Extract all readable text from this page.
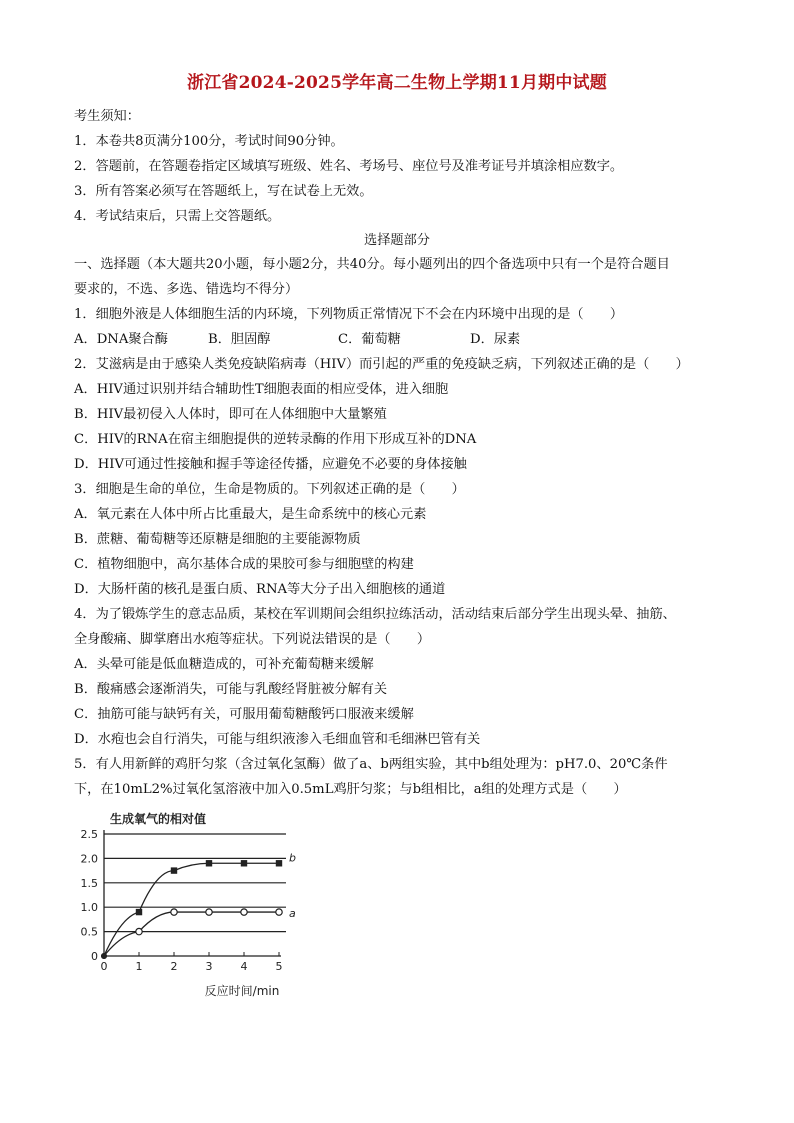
浙江省2024-2025学年高二生物上学期11月期中试题
考生须知：
1．本卷共8页满分100分，考试时间90分钟。
2．答题前，在答题卷指定区域填写班级、姓名、考场号、座位号及准考证号并填涂相应数字。
3．所有答案必须写在答题纸上，写在试卷上无效。
4．考试结束后，只需上交答题纸。
选择题部分
一、选择题（本大题共20小题，每小题2分，共40分。每小题列出的四个备选项中只有一个是符合题目
要求的，不选、多选、错选均不得分）
1．细胞外液是人体细胞生活的内环境，下列物质正常情况下不会在内环境中出现的是（　　）
A．DNA聚合酶	B．胆固醇	C．葡萄糖	D．尿素
2．艾滋病是由于感染人类免疫缺陷病毒（HIV）而引起的严重的免疫缺乏病，下列叙述正确的是（　　）
A．HIV通过识别并结合辅助性T细胞表面的相应受体，进入细胞
B．HIV最初侵入人体时，即可在人体细胞中大量繁殖
C．HIV的RNA在宿主细胞提供的逆转录酶的作用下形成互补的DNA
D．HIV可通过性接触和握手等途径传播，应避免不必要的身体接触
3．细胞是生命的单位，生命是物质的。下列叙述正确的是（　　）
A．氧元素在人体中所占比重最大，是生命系统中的核心元素
B．蔗糖、葡萄糖等还原糖是细胞的主要能源物质
C．植物细胞中，高尔基体合成的果胶可参与细胞壁的构建
D．大肠杆菌的核孔是蛋白质、RNA等大分子出入细胞核的通道
4．为了锻炼学生的意志品质，某校在军训期间会组织拉练活动，活动结束后部分学生出现头晕、抽筋、
全身酸痛、脚掌磨出水疱等症状。下列说法错误的是（　　）
A．头晕可能是低血糖造成的，可补充葡萄糖来缓解
B．酸痛感会逐渐消失，可能与乳酸经肾脏被分解有关
C．抽筋可能与缺钙有关，可服用葡萄糖酸钙口服液来缓解
D．水疱也会自行消失，可能与组织液渗入毛细血管和毛细淋巴管有关
5．有人用新鲜的鸡肝匀浆（含过氧化氢酶）做了a、b两组实验，其中b组处理为：pH7.0、20℃条件
下，在10mL2%过氧化氢溶液中加入0.5mL鸡肝匀浆；与b组相比，a组的处理方式是（　　）
生成氧气的相对值
反应时间/min
0
0.5
1.0
1.5
2.0
2.5
0	1	2	3	4	5
b
a
